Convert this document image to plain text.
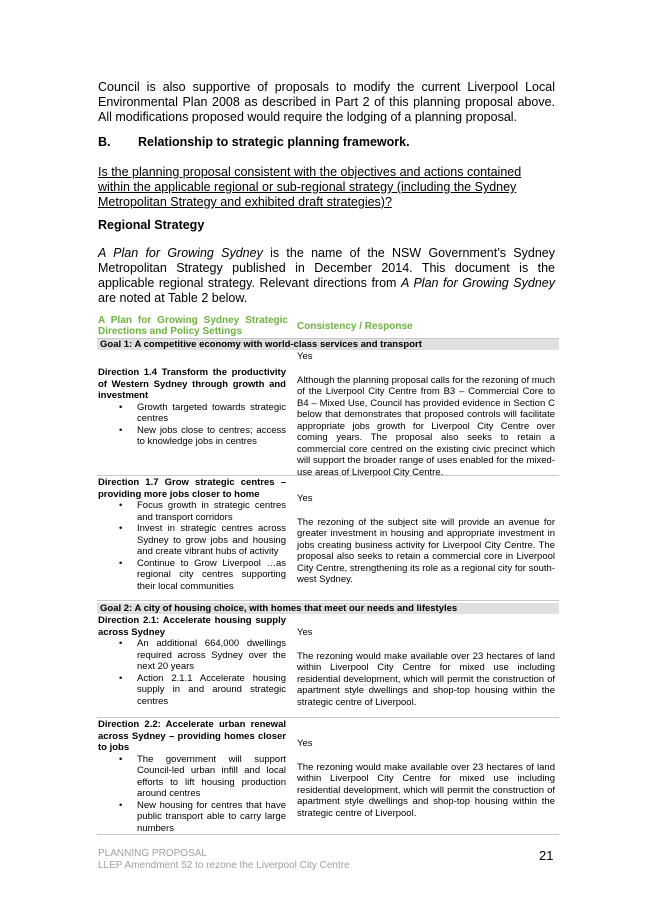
Council is also supportive of proposals to modify the current Liverpool Local Environmental Plan 2008 as described in Part 2 of this planning proposal above. All modifications proposed would require the lodging of a planning proposal.

B. Relationship to strategic planning framework.

Is the planning proposal consistent with the objectives and actions contained within the applicable regional or sub-regional strategy (including the Sydney Metropolitan Strategy and exhibited draft strategies)?

Regional Strategy

A Plan for Growing Sydney is the name of the NSW Government’s Sydney Metropolitan Strategy published in December 2014. This document is the applicable regional strategy. Relevant directions from A Plan for Growing Sydney are noted at Table 2 below.

A Plan for Growing Sydney Strategic Directions and Policy Settings	Consistency / Response
Goal 1: A competitive economy with world-class services and transport
Yes
Although the planning proposal calls for the rezoning of much of the Liverpool City Centre from B3 – Commercial Core to B4 – Mixed Use, Council has provided evidence in Section C below that demonstrates that proposed controls will facilitate appropriate jobs growth for Liverpool City Centre over coming years. The proposal also seeks to retain a commercial core centred on the existing civic precinct which will support the broader range of uses enabled for the mixed-use areas of Liverpool City Centre.
Direction 1.4 Transform the productivity of Western Sydney through growth and investment
• Growth targeted towards strategic centres
• New jobs close to centres; access to knowledge jobs in centres
Direction 1.7 Grow strategic centres – providing more jobs closer to home
• Focus growth in strategic centres and transport corridors
• Invest in strategic centres across Sydney to grow jobs and housing and create vibrant hubs of activity
• Continue to Grow Liverpool …as regional city centres supporting their local communities
Yes
The rezoning of the subject site will provide an avenue for greater investment in housing and appropriate investment in jobs creating business activity for Liverpool City Centre. The proposal also seeks to retain a commercial core in Liverpool City Centre, strengthening its role as a regional city for south-west Sydney.
Goal 2: A city of housing choice, with homes that meet our needs and lifestyles
Direction 2.1: Accelerate housing supply across Sydney
• An additional 664,000 dwellings required across Sydney over the next 20 years
• Action 2.1.1 Accelerate housing supply in and around strategic centres
Yes
The rezoning would make available over 23 hectares of land within Liverpool City Centre for mixed use including residential development, which will permit the construction of apartment style dwellings and shop-top housing within the strategic centre of Liverpool.
Direction 2.2: Accelerate urban renewal across Sydney – providing homes closer to jobs
• The government will support Council-led urban infill and local efforts to lift housing production around centres
• New housing for centres that have public transport able to carry large numbers
Yes
The rezoning would make available over 23 hectares of land within Liverpool City Centre for mixed use including residential development, which will permit the construction of apartment style dwellings and shop-top housing within the strategic centre of Liverpool.
PLANNING PROPOSAL
LLEP Amendment 52 to rezone the Liverpool City Centre
21
